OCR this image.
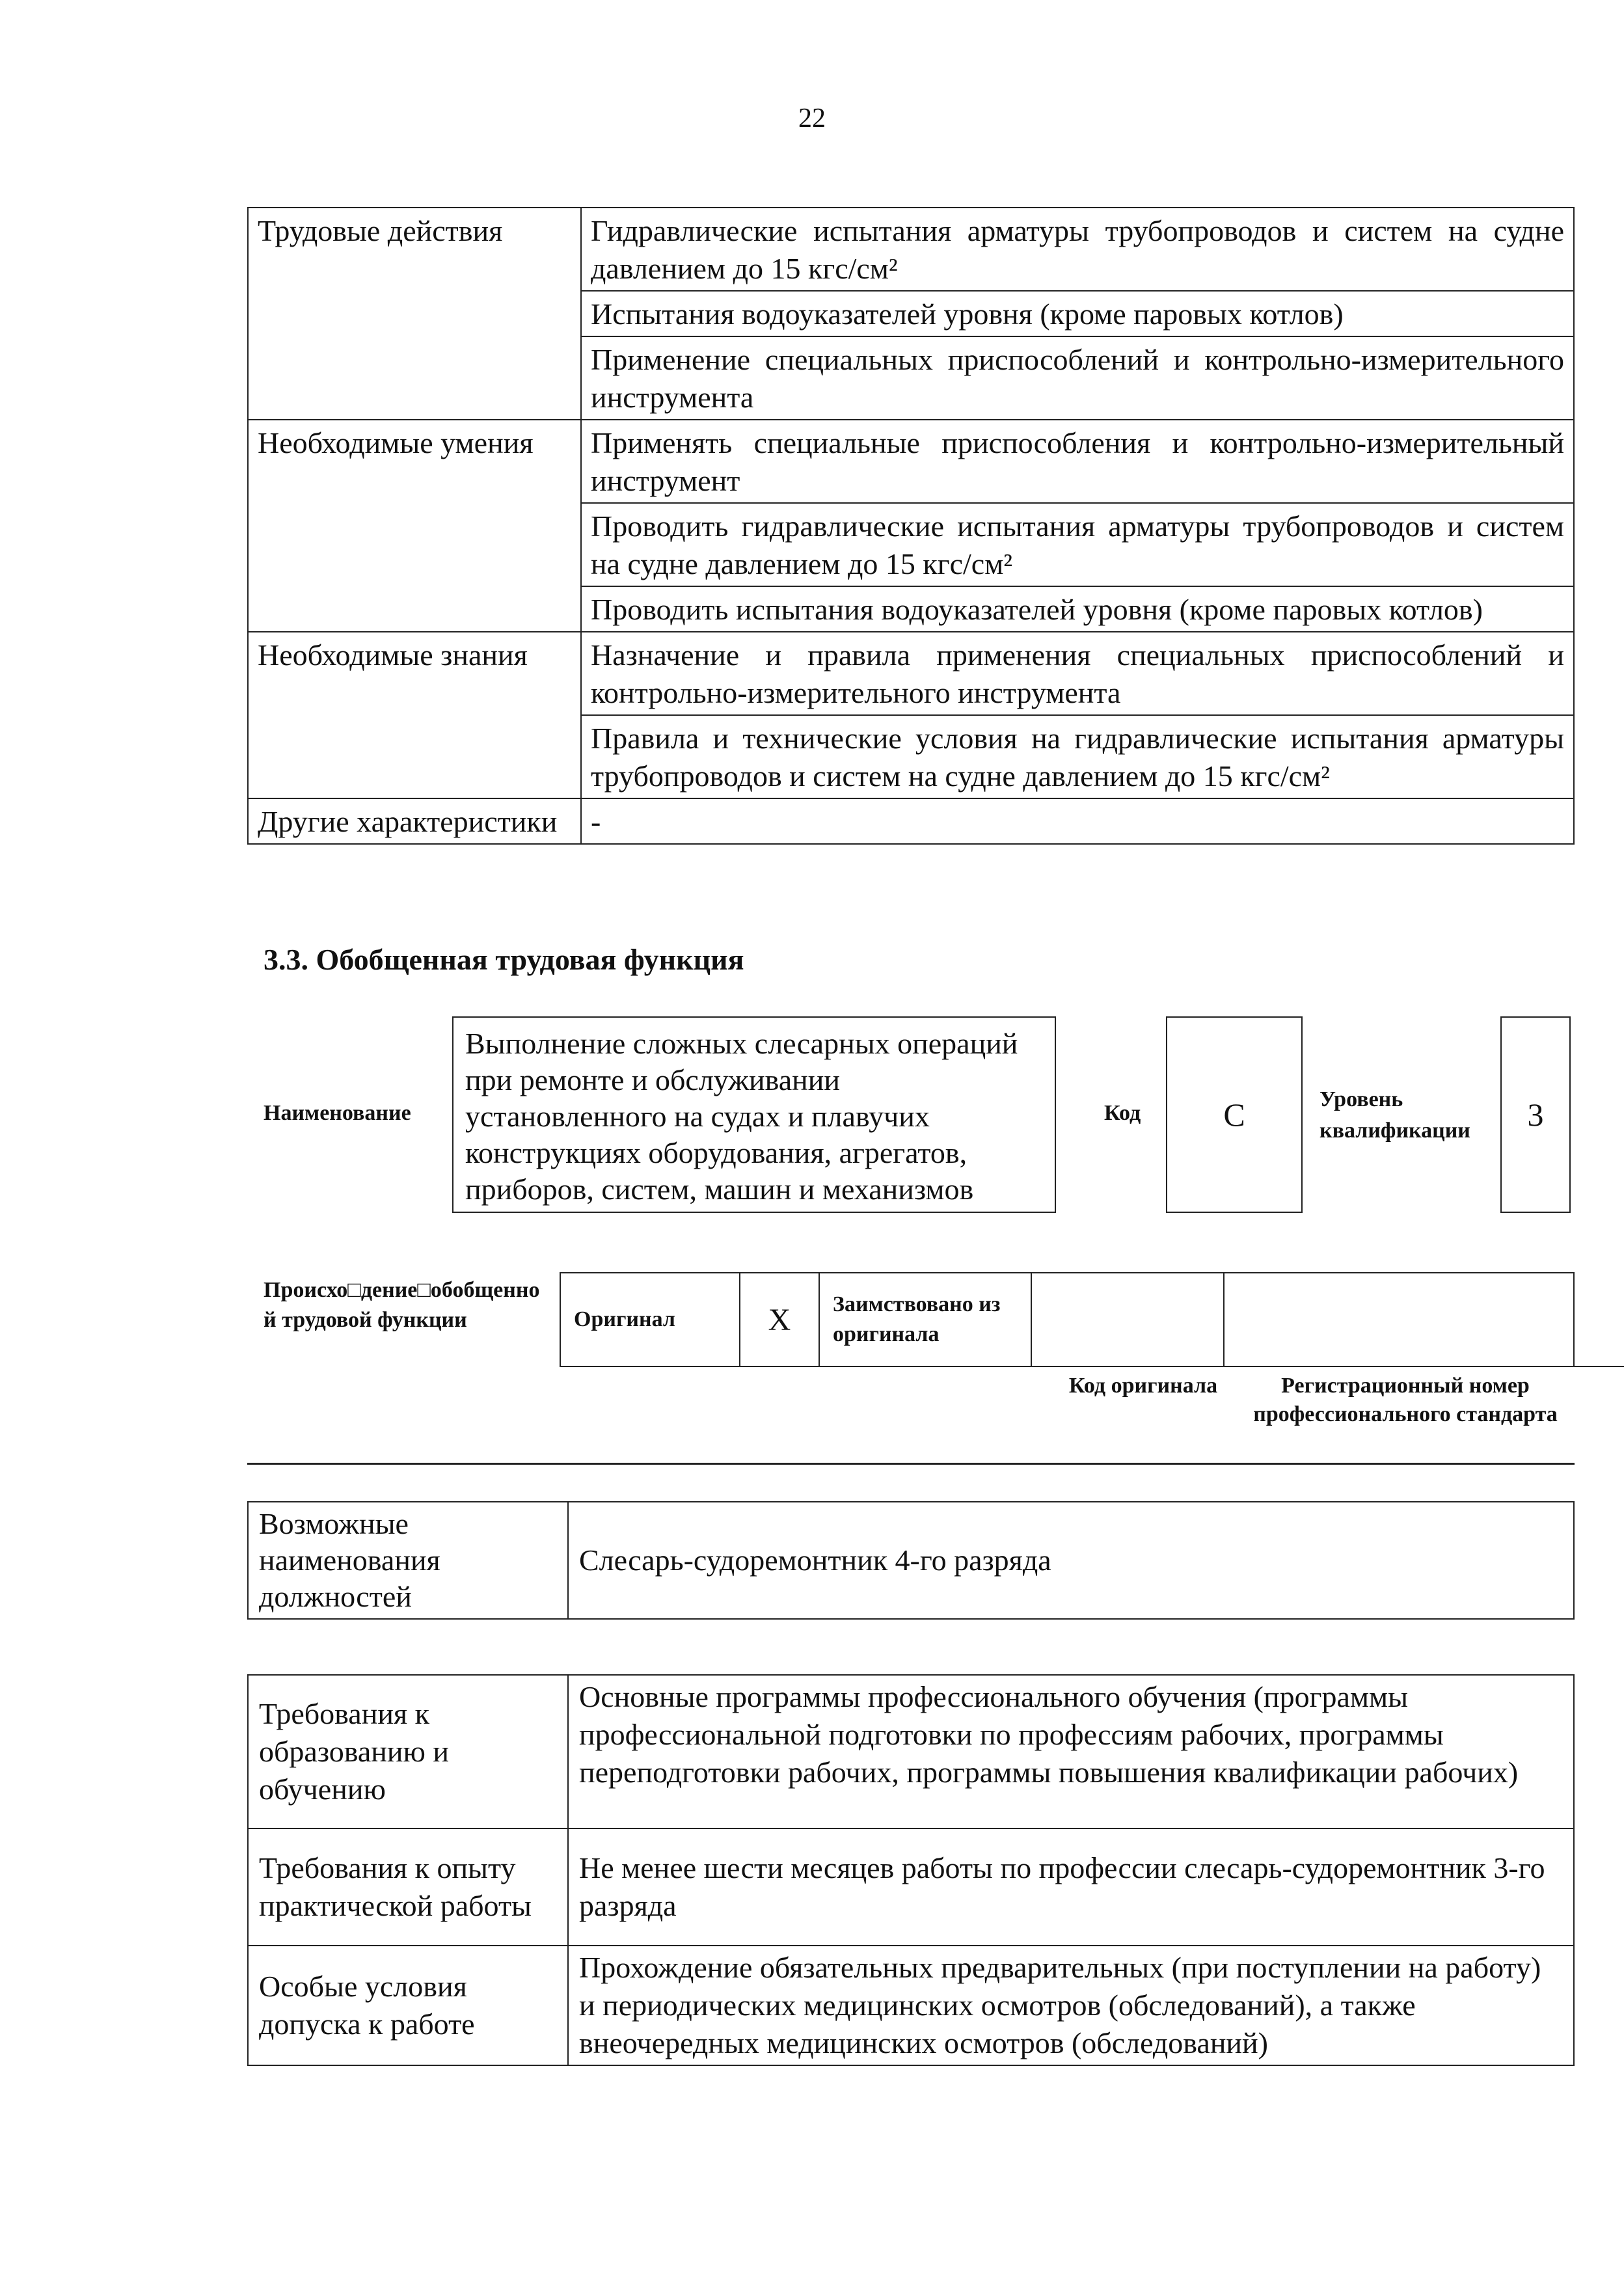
22
Трудовые действия	Гидравлические испытания арматуры трубопроводов и систем на судне давлением до 15 кгс/см²
	Испытания водоуказателей уровня (кроме паровых котлов)
	Применение специальных приспособлений и контрольно-измерительного инструмента
Необходимые умения	Применять специальные приспособления и контрольно-измерительный инструмент
	Проводить гидравлические испытания арматуры трубопроводов и систем на судне давлением до 15 кгс/см²
	Проводить испытания водоуказателей уровня (кроме паровых котлов)
Необходимые знания	Назначение и правила применения специальных приспособлений и контрольно-измерительного инструмента
	Правила и технические условия на гидравлические испытания арматуры трубопроводов и систем на судне давлением до 15 кгс/см²
Другие характеристики	-
3.3. Обобщенная трудовая функция
Наименование
Выполнение сложных слесарных операций при ремонте и обслуживании установленного на судах и плавучих конструкциях оборудования, агрегатов, приборов, систем, машин и механизмов
Код	C	Уровень квалификации	3
Происхо□дение□обобщенной трудовой функции	Оригинал	X	Заимствовано из оригинала		
Код оригинала	Регистрационный номер профессионального стандарта
Возможные наименования должностей	Слесарь-судоремонтник 4-го разряда
Требования к образованию и обучению	Основные программы профессионального обучения (программы профессиональной подготовки по профессиям рабочих, программы переподготовки рабочих, программы повышения квалификации рабочих)
Требования к опыту практической работы	Не менее шести месяцев работы по профессии слесарь-судоремонтник 3-го разряда
Особые условия допуска к работе	Прохождение обязательных предварительных (при поступлении на работу) и периодических медицинских осмотров (обследований), а также внеочередных медицинских осмотров (обследований)
